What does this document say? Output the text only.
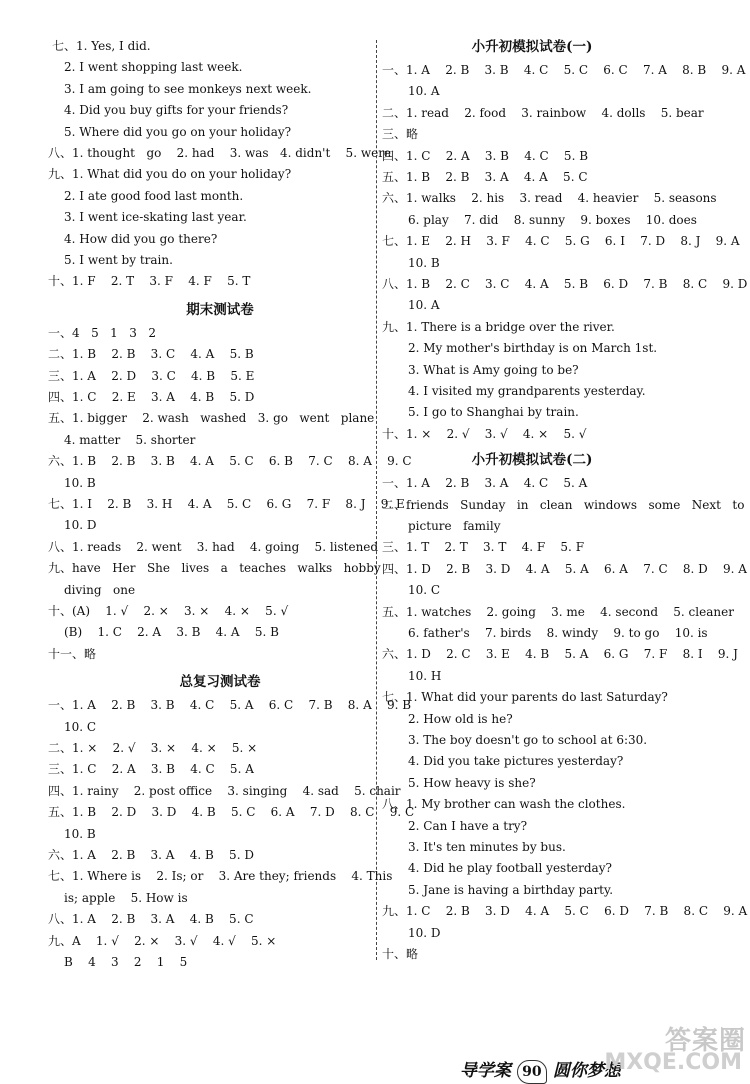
七、1. Yes, I did.
2. I went shopping last week.
3. I am going to see monkeys next week.
4. Did you buy gifts for your friends?
5. Where did you go on your holiday?
八、1. thought   go    2. had    3. was   4. didn't    5. were
九、1. What did you do on your holiday?
2. I ate good food last month.
3. I went ice-skating last year.
4. How did you go there?
5. I went by train.
十、1. F    2. T    3. F    4. F    5. T
期末测试卷
一、4   5   1   3   2
二、1. B    2. B    3. C    4. A    5. B
三、1. A    2. D    3. C    4. B    5. E
四、1. C    2. E    3. A    4. B    5. D
五、1. bigger    2. wash   washed   3. go   went   plane
4. matter    5. shorter
六、1. B    2. B    3. B    4. A    5. C    6. B    7. C    8. A    9. C
10. B
七、1. I    2. B    3. H    4. A    5. C    6. G    7. F    8. J    9. E
10. D
八、1. reads    2. went    3. had    4. going    5. listened
九、have   Her   She   lives   a   teaches   walks   hobby
diving   one
十、(A)    1. √    2. ×    3. ×    4. ×    5. √
(B)    1. C    2. A    3. B    4. A    5. B
十一、略
总复习测试卷
一、1. A    2. B    3. B    4. C    5. A    6. C    7. B    8. A    9. B
10. C
二、1. ×    2. √    3. ×    4. ×    5. ×
三、1. C    2. A    3. B    4. C    5. A
四、1. rainy    2. post office    3. singing    4. sad    5. chair
五、1. B    2. D    3. D    4. B    5. C    6. A    7. D    8. C    9. C
10. B
六、1. A    2. B    3. A    4. B    5. D
七、1. Where is    2. Is; or    3. Are they; friends    4. This
is; apple    5. How is
八、1. A    2. B    3. A    4. B    5. C
九、A    1. √    2. ×    3. √    4. √    5. ×
B    4    3    2    1    5
小升初模拟试卷(一)
一、1. A    2. B    3. B    4. C    5. C    6. C    7. A    8. B    9. A
10. A
二、1. read    2. food    3. rainbow    4. dolls    5. bear
三、略
四、1. C    2. A    3. B    4. C    5. B
五、1. B    2. B    3. A    4. A    5. C
六、1. walks    2. his    3. read    4. heavier    5. seasons
6. play    7. did    8. sunny    9. boxes    10. does
七、1. E    2. H    3. F    4. C    5. G    6. I    7. D    8. J    9. A
10. B
八、1. B    2. C    3. C    4. A    5. B    6. D    7. B    8. C    9. D
10. A
九、1. There is a bridge over the river.
2. My mother's birthday is on March 1st.
3. What is Amy going to be?
4. I visited my grandparents yesterday.
5. I go to Shanghai by train.
十、1. ×    2. √    3. √    4. ×    5. √
小升初模拟试卷(二)
一、1. A    2. B    3. A    4. C    5. A
二、friends   Sunday   in   clean   windows   some   Next   to
picture   family
三、1. T    2. T    3. T    4. F    5. F
四、1. D    2. B    3. D    4. A    5. A    6. A    7. C    8. D    9. A
10. C
五、1. watches    2. going    3. me    4. second    5. cleaner
6. father's    7. birds    8. windy    9. to go    10. is
六、1. D    2. C    3. E    4. B    5. A    6. G    7. F    8. I    9. J
10. H
七、1. What did your parents do last Saturday?
2. How old is he?
3. The boy doesn't go to school at 6:30.
4. Did you take pictures yesterday?
5. How heavy is she?
八、1. My brother can wash the clothes.
2. Can I have a try?
3. It's ten minutes by bus.
4. Did he play football yesterday?
5. Jane is having a birthday party.
九、1. C    2. B    3. D    4. A    5. C    6. D    7. B    8. C    9. A
10. D
十、略

导学案 90 圆你梦想

答案圈
MXQE.COM
